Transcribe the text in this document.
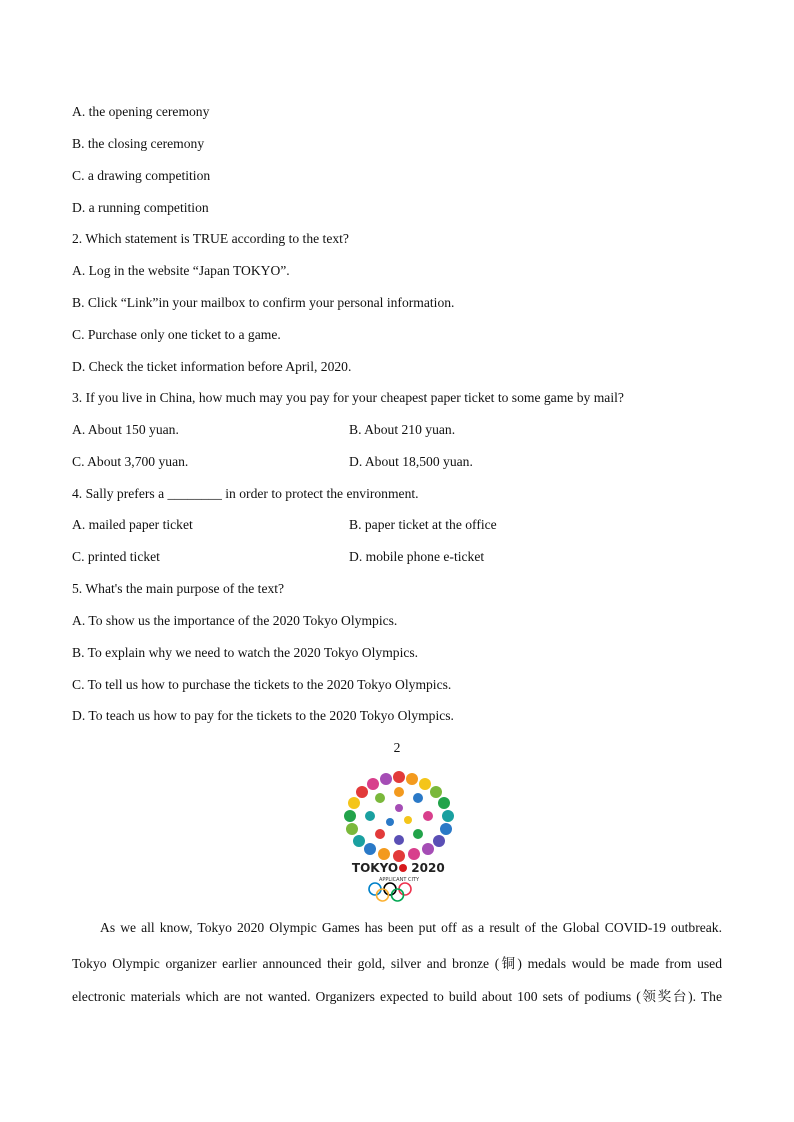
A. the opening ceremony
B. the closing ceremony
C. a drawing competition
D. a running competition
2. Which statement is TRUE according to the text?
A. Log in the website “Japan TOKYO”.
B. Click “Link”in your mailbox to confirm your personal information.
C. Purchase only one ticket to a game.
D. Check the ticket information before April, 2020.
3. If you live in China, how much may you pay for your cheapest paper ticket to some game by mail?
A. About 150 yuan.	B. About 210 yuan.
C. About 3,700 yuan.	D. About 18,500 yuan.
4. Sally prefers a ________ in order to protect the environment.
A. mailed paper ticket	B. paper ticket at the office
C. printed ticket	D. mobile phone e-ticket
5. What's the main purpose of the text?
A. To show us the importance of the 2020 Tokyo Olympics.
B. To explain why we need to watch the 2020 Tokyo Olympics.
C. To tell us how to purchase the tickets to the 2020 Tokyo Olympics.
D. To teach us how to pay for the tickets to the 2020 Tokyo Olympics.
2
TOKYO 2020
APPLICANT CITY
As we all know, Tokyo 2020 Olympic Games has been put off as a result of the Global COVID-19 outbreak.
Tokyo Olympic organizer earlier announced their gold, silver and bronze (铜) medals would be made from used
electronic materials which are not wanted. Organizers expected to build about 100 sets of podiums (领奖台). The
